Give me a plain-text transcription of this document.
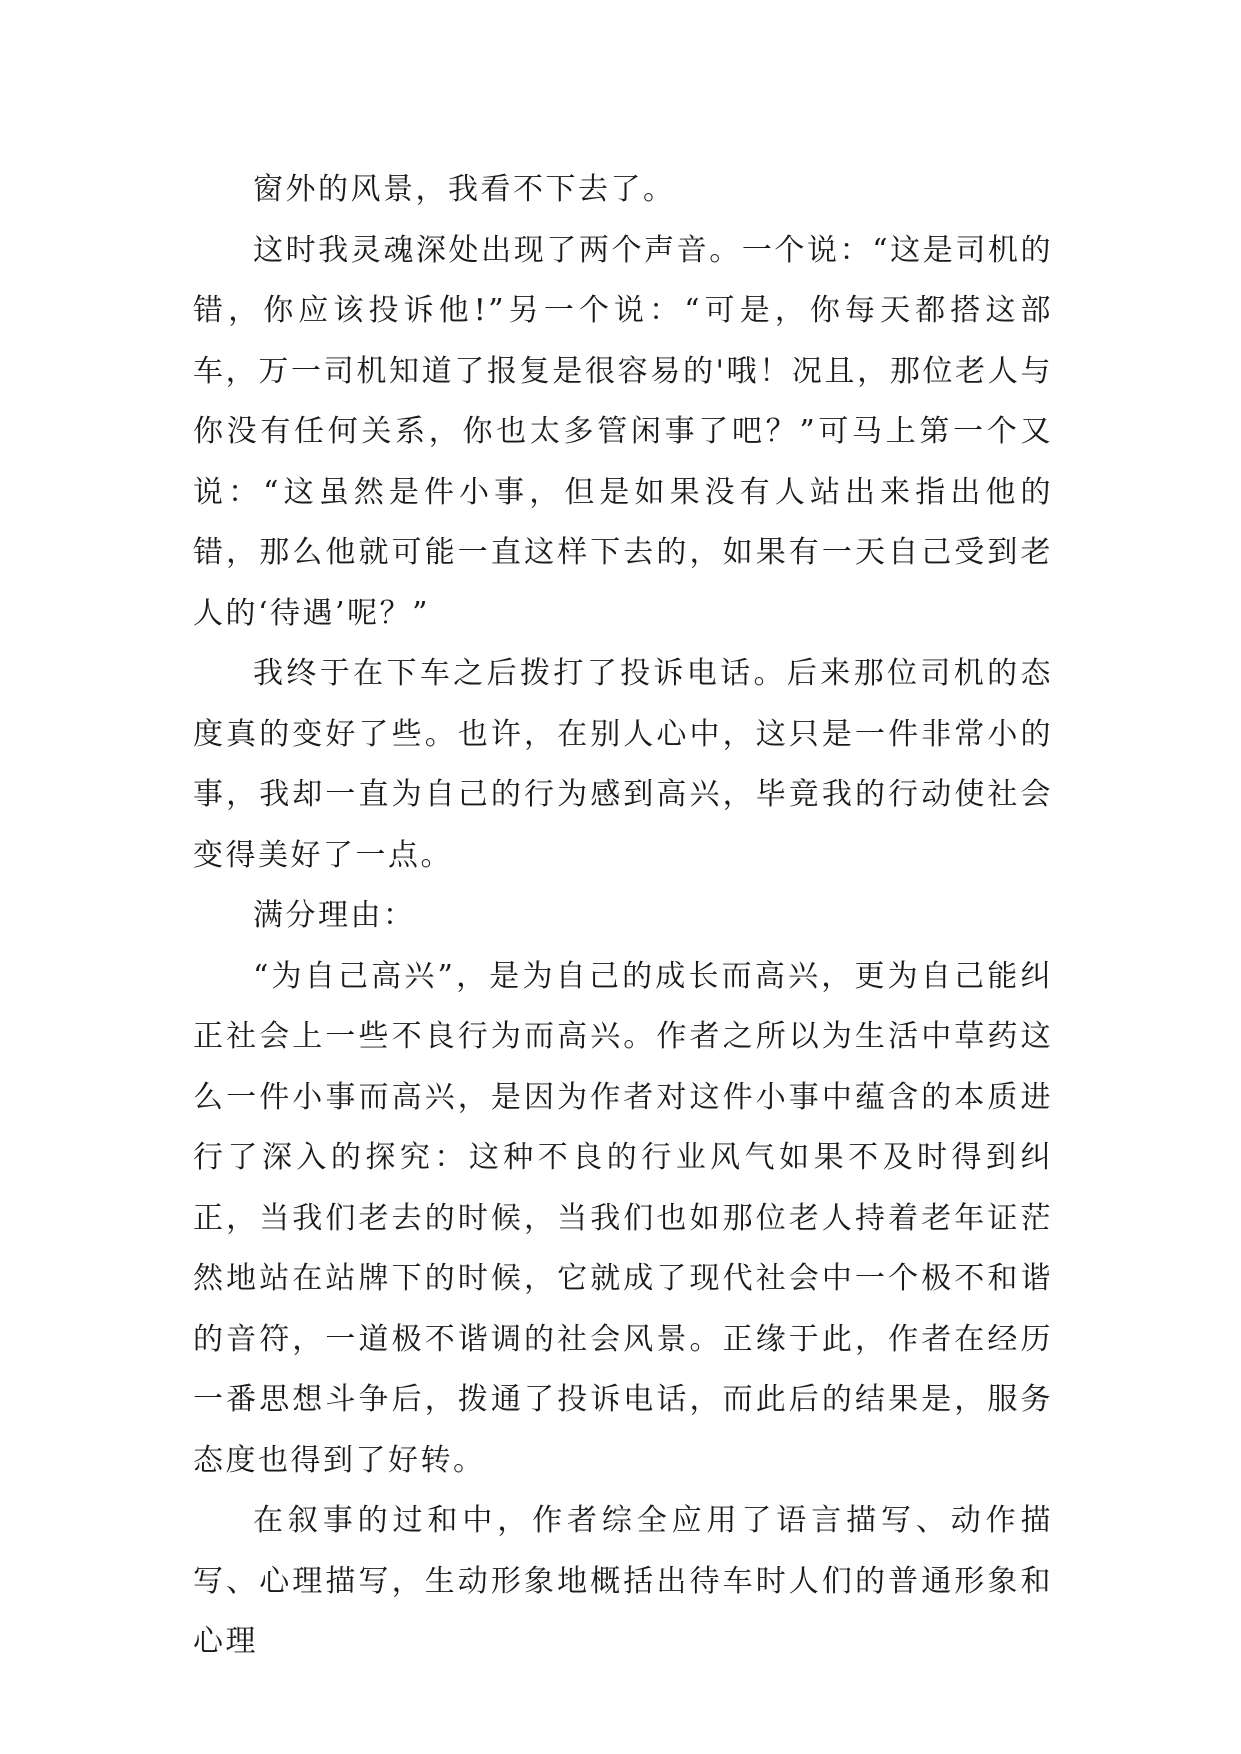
窗外的风景，我看不下去了。

这时我灵魂深处出现了两个声音。一个说：“这是司机的错，你应该投诉他!”另一个说：“可是，你每天都搭这部车，万一司机知道了报复是很容易的'哦！况且，那位老人与你没有任何关系，你也太多管闲事了吧？”可马上第一个又说：“这虽然是件小事，但是如果没有人站出来指出他的错，那么他就可能一直这样下去的，如果有一天自己受到老人的‘待遇’呢？”

我终于在下车之后拨打了投诉电话。后来那位司机的态度真的变好了些。也许，在别人心中，这只是一件非常小的事，我却一直为自己的行为感到高兴，毕竟我的行动使社会变得美好了一点。

满分理由：

“为自己高兴”，是为自己的成长而高兴，更为自己能纠正社会上一些不良行为而高兴。作者之所以为生活中草药这么一件小事而高兴，是因为作者对这件小事中蕴含的本质进行了深入的探究：这种不良的行业风气如果不及时得到纠正，当我们老去的时候，当我们也如那位老人持着老年证茫然地站在站牌下的时候，它就成了现代社会中一个极不和谐的音符，一道极不谐调的社会风景。正缘于此，作者在经历一番思想斗争后，拨通了投诉电话，而此后的结果是，服务态度也得到了好转。

在叙事的过和中，作者综全应用了语言描写、动作描写、心理描写，生动形象地概括出待车时人们的普通形象和心理
